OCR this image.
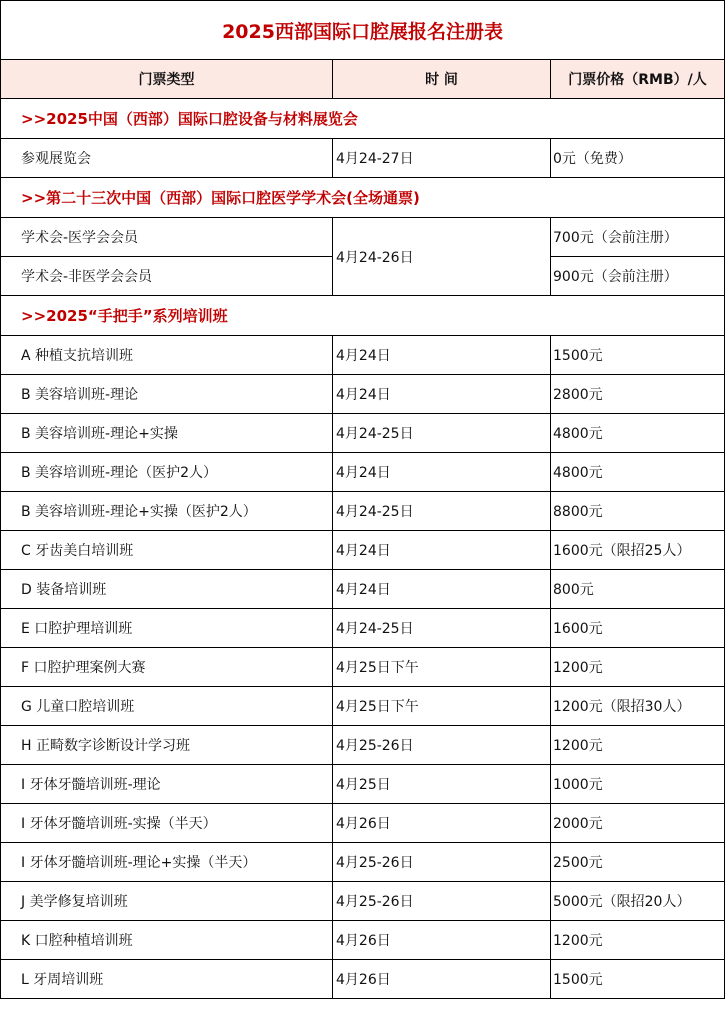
2025西部国际口腔展报名注册表		
门票类型	时 间	门票价格（RMB）/人
>>2025中国（西部）国际口腔设备与材料展览会		
参观展览会	4月24-27日	0元（免费）
>>第二十三次中国（西部）国际口腔医学学术会(全场通票)		
学术会-医学会会员	4月24-26日	700元（会前注册）
学术会-非医学会会员		900元（会前注册）
>>2025“手把手”系列培训班		
A 种植支抗培训班	4月24日	1500元
B 美容培训班-理论	4月24日	2800元
B 美容培训班-理论+实操	4月24-25日	4800元
B 美容培训班-理论（医护2人）	4月24日	4800元
B 美容培训班-理论+实操（医护2人）	4月24-25日	8800元
C 牙齿美白培训班	4月24日	1600元（限招25人）
D 装备培训班	4月24日	800元
E 口腔护理培训班	4月24-25日	1600元
F 口腔护理案例大赛	4月25日下午	1200元
G 儿童口腔培训班	4月25日下午	1200元（限招30人）
H 正畸数字诊断设计学习班	4月25-26日	1200元
I 牙体牙髓培训班-理论	4月25日	1000元
I 牙体牙髓培训班-实操（半天）	4月26日	2000元
I 牙体牙髓培训班-理论+实操（半天）	4月25-26日	2500元
J 美学修复培训班	4月25-26日	5000元（限招20人）
K 口腔种植培训班	4月26日	1200元
L 牙周培训班	4月26日	1500元
